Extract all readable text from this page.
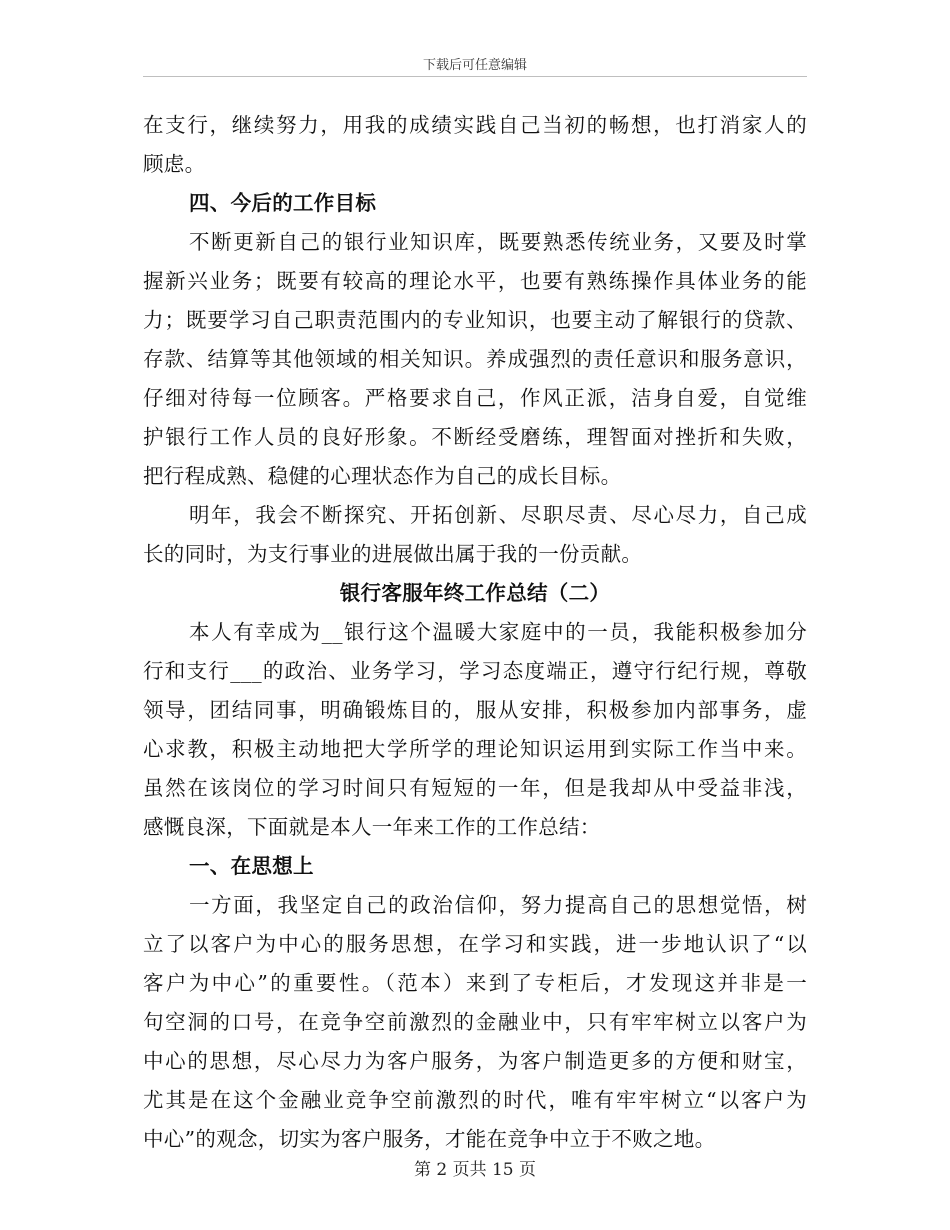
下载后可任意编辑
在支行，继续努力，用我的成绩实践自己当初的畅想，也打消家人的
顾虑。
四、今后的工作目标
不断更新自己的银行业知识库，既要熟悉传统业务，又要及时掌
握新兴业务；既要有较高的理论水平，也要有熟练操作具体业务的能
力；既要学习自己职责范围内的专业知识，也要主动了解银行的贷款、
存款、结算等其他领域的相关知识。养成强烈的责任意识和服务意识，
仔细对待每一位顾客。严格要求自己，作风正派，洁身自爱，自觉维
护银行工作人员的良好形象。不断经受磨练，理智面对挫折和失败，
把行程成熟、稳健的心理状态作为自己的成长目标。
明年，我会不断探究、开拓创新、尽职尽责、尽心尽力，自己成
长的同时，为支行事业的进展做出属于我的一份贡献。
银行客服年终工作总结（二）
本人有幸成为__银行这个温暖大家庭中的一员，我能积极参加分
行和支行___的政治、业务学习，学习态度端正，遵守行纪行规，尊敬
领导，团结同事，明确锻炼目的，服从安排，积极参加内部事务，虚
心求教，积极主动地把大学所学的理论知识运用到实际工作当中来。
虽然在该岗位的学习时间只有短短的一年，但是我却从中受益非浅，
感慨良深，下面就是本人一年来工作的工作总结：
一、在思想上
一方面，我坚定自己的政治信仰，努力提高自己的思想觉悟，树
立了以客户为中心的服务思想，在学习和实践，进一步地认识了“以
客户为中心”的重要性。（范本）来到了专柜后，才发现这并非是一
句空洞的口号，在竞争空前激烈的金融业中，只有牢牢树立以客户为
中心的思想，尽心尽力为客户服务，为客户制造更多的方便和财宝，
尤其是在这个金融业竞争空前激烈的时代，唯有牢牢树立“以客户为
中心”的观念，切实为客户服务，才能在竞争中立于不败之地。
第 2 页共 15 页
